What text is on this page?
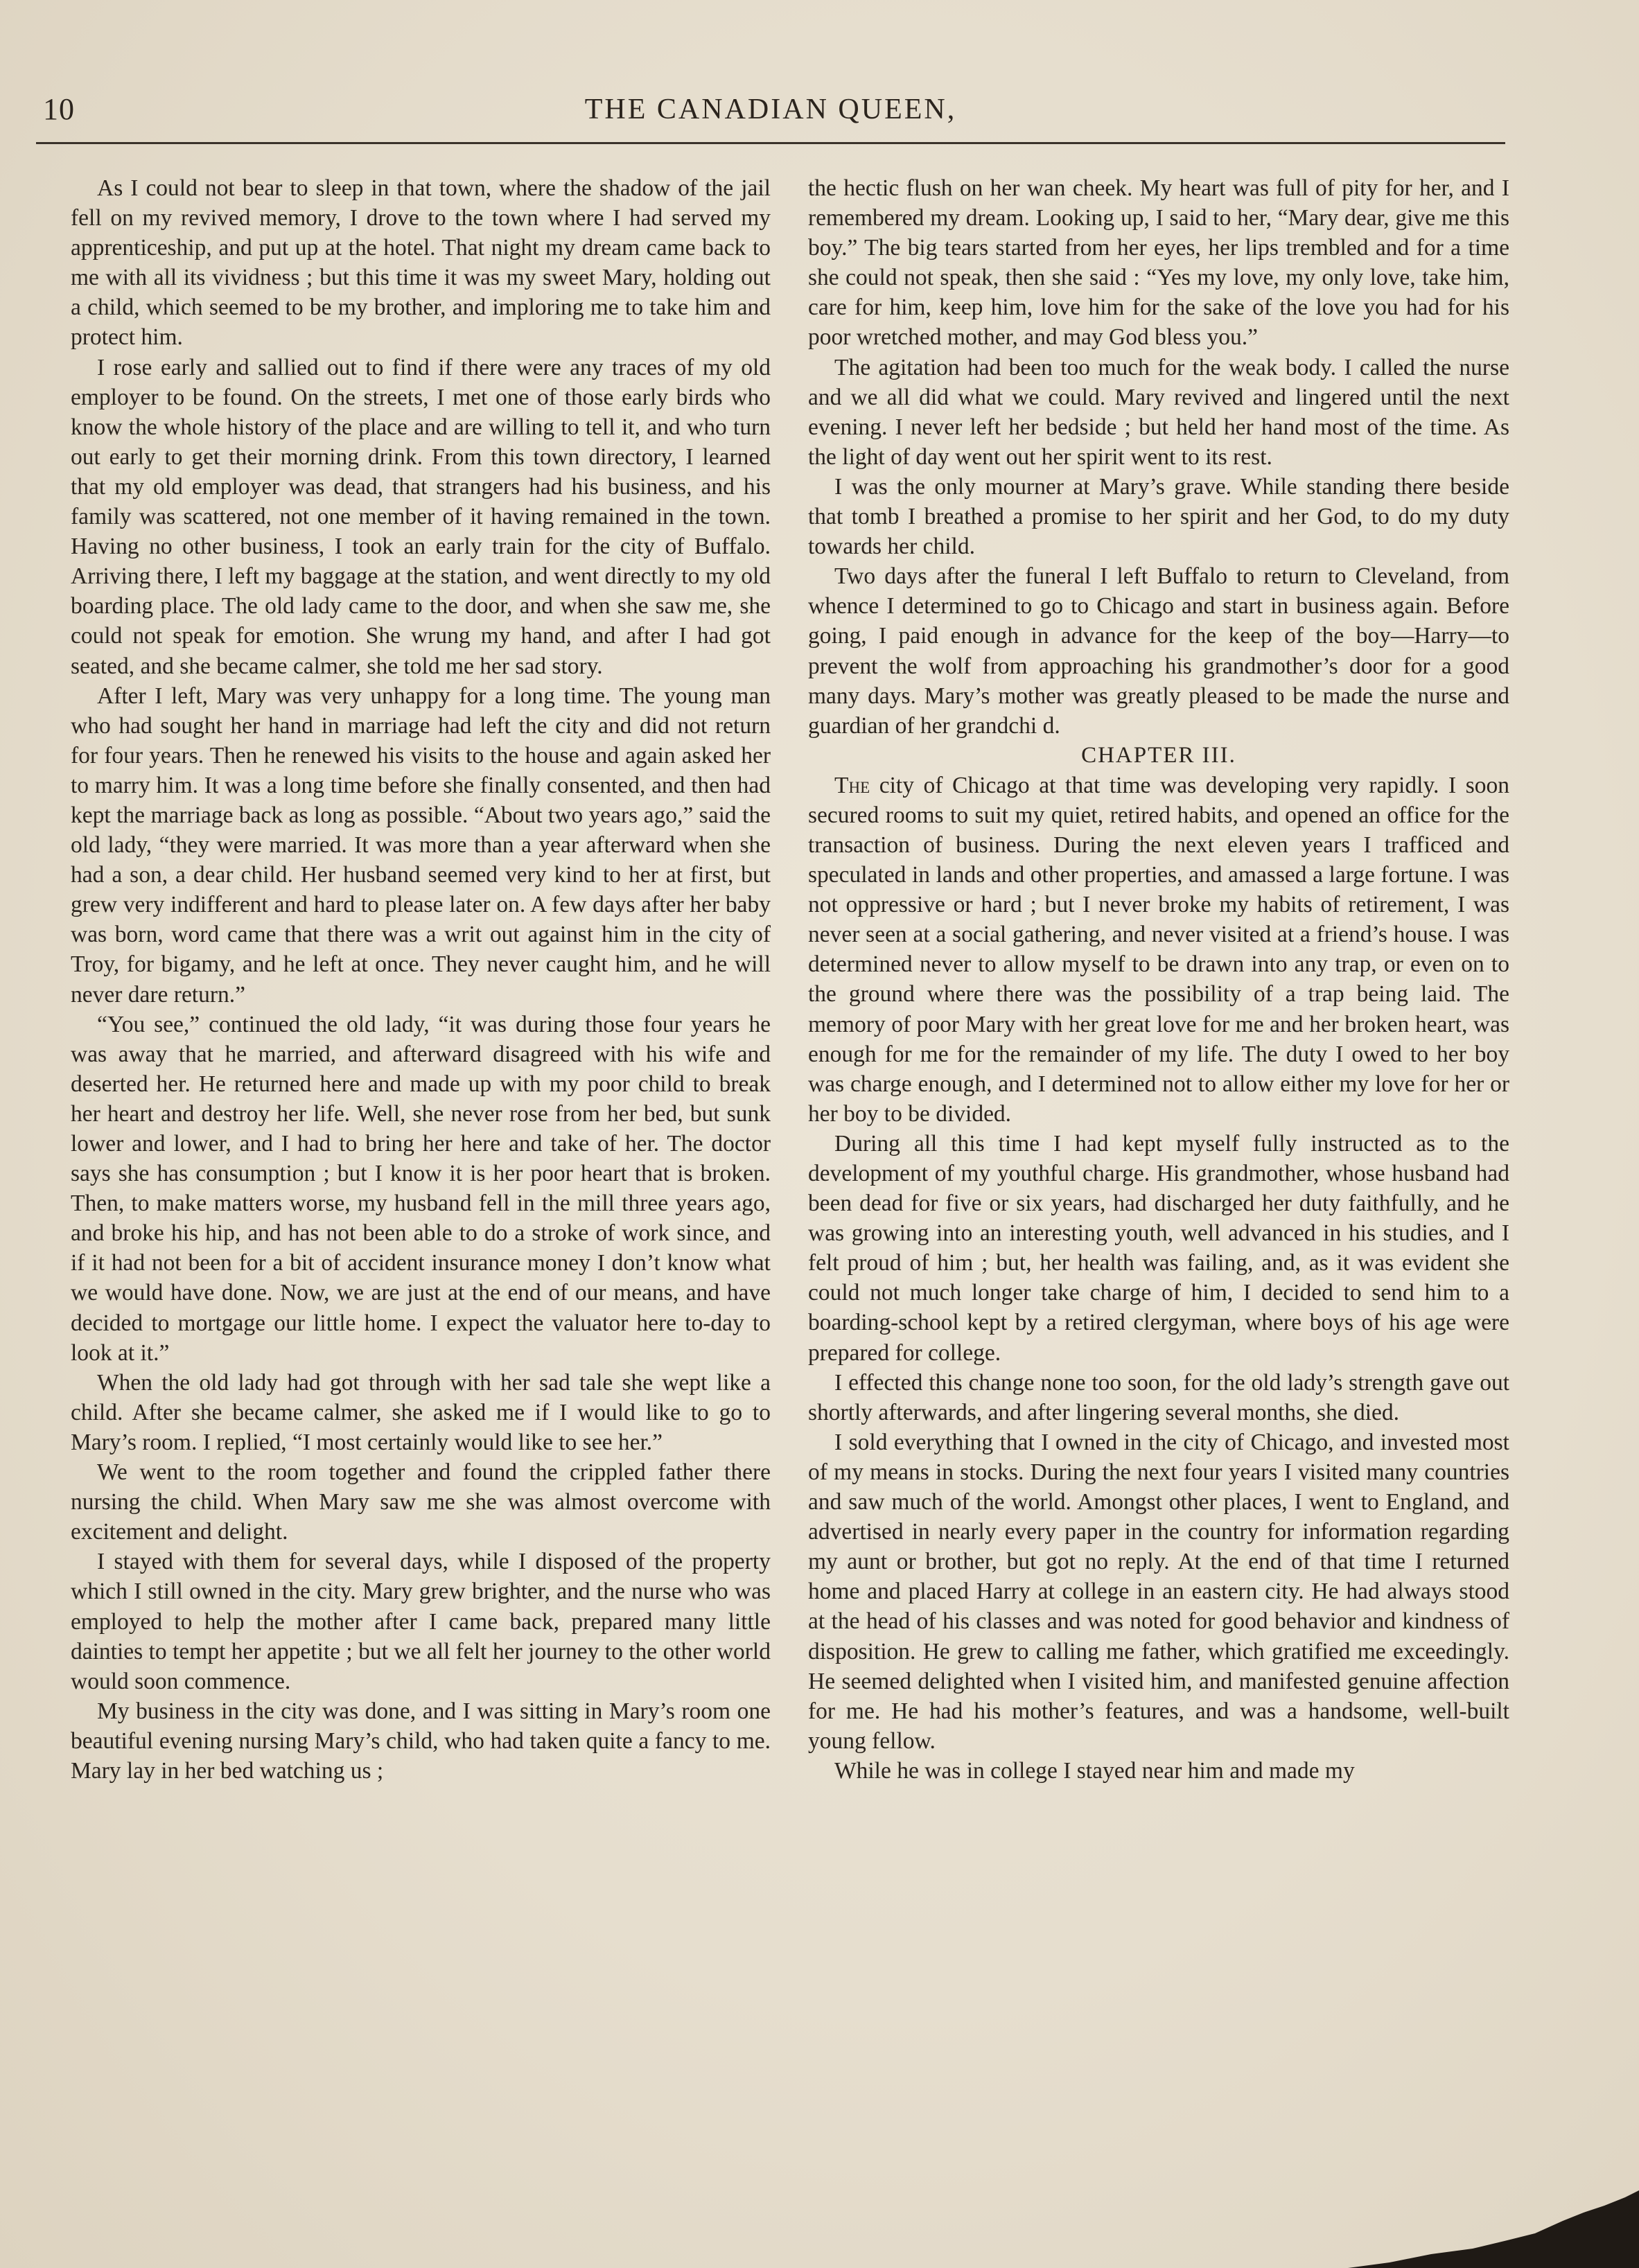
10	THE CANADIAN QUEEN,

As I could not bear to sleep in that town, where the shadow of the jail fell on my revived memory, I drove to the town where I had served my apprenticeship, and put up at the hotel. That night my dream came back to me with all its vividness ; but this time it was my sweet Mary, holding out a child, which seemed to be my brother, and imploring me to take him and protect him.

I rose early and sallied out to find if there were any traces of my old employer to be found. On the streets, I met one of those early birds who know the whole history of the place and are willing to tell it, and who turn out early to get their morning drink. From this town directory, I learned that my old employer was dead, that strangers had his business, and his family was scattered, not one member of it having remained in the town. Having no other business, I took an early train for the city of Buffalo. Arriving there, I left my baggage at the station, and went directly to my old boarding place. The old lady came to the door, and when she saw me, she could not speak for emotion. She wrung my hand, and after I had got seated, and she became calmer, she told me her sad story.

After I left, Mary was very unhappy for a long time. The young man who had sought her hand in marriage had left the city and did not return for four years. Then he renewed his visits to the house and again asked her to marry him. It was a long time before she finally consented, and then had kept the marriage back as long as possible. “About two years ago,” said the old lady, “they were married. It was more than a year afterward when she had a son, a dear child. Her husband seemed very kind to her at first, but grew very indifferent and hard to please later on. A few days after her baby was born, word came that there was a writ out against him in the city of Troy, for bigamy, and he left at once. They never caught him, and he will never dare return.”

“You see,” continued the old lady, “it was during those four years he was away that he married, and afterward disagreed with his wife and deserted her. He returned here and made up with my poor child to break her heart and destroy her life. Well, she never rose from her bed, but sunk lower and lower, and I had to bring her here and take of her. The doctor says she has consumption ; but I know it is her poor heart that is broken. Then, to make matters worse, my husband fell in the mill three years ago, and broke his hip, and has not been able to do a stroke of work since, and if it had not been for a bit of accident insurance money I don’t know what we would have done. Now, we are just at the end of our means, and have decided to mortgage our little home. I expect the valuator here to-day to look at it.”

When the old lady had got through with her sad tale she wept like a child. After she became calmer, she asked me if I would like to go to Mary’s room. I replied, “I most certainly would like to see her.”

We went to the room together and found the crippled father there nursing the child. When Mary saw me she was almost overcome with excitement and delight.

I stayed with them for several days, while I disposed of the property which I still owned in the city. Mary grew brighter, and the nurse who was employed to help the mother after I came back, prepared many little dainties to tempt her appetite ; but we all felt her journey to the other world would soon commence.

My business in the city was done, and I was sitting in Mary’s room one beautiful evening nursing Mary’s child, who had taken quite a fancy to me. Mary lay in her bed watching us ;

the hectic flush on her wan cheek. My heart was full of pity for her, and I remembered my dream. Looking up, I said to her, “Mary dear, give me this boy.” The big tears started from her eyes, her lips trembled and for a time she could not speak, then she said : “Yes my love, my only love, take him, care for him, keep him, love him for the sake of the love you had for his poor wretched mother, and may God bless you.”

The agitation had been too much for the weak body. I called the nurse and we all did what we could. Mary revived and lingered until the next evening. I never left her bedside ; but held her hand most of the time. As the light of day went out her spirit went to its rest.

I was the only mourner at Mary’s grave. While standing there beside that tomb I breathed a promise to her spirit and her God, to do my duty towards her child.

Two days after the funeral I left Buffalo to return to Cleveland, from whence I determined to go to Chicago and start in business again. Before going, I paid enough in advance for the keep of the boy—Harry—to prevent the wolf from approaching his grandmother’s door for a good many days. Mary’s mother was greatly pleased to be made the nurse and guardian of her grandchi d.

CHAPTER III.

The city of Chicago at that time was developing very rapidly. I soon secured rooms to suit my quiet, retired habits, and opened an office for the transaction of business. During the next eleven years I trafficed and speculated in lands and other properties, and amassed a large fortune. I was not oppressive or hard ; but I never broke my habits of retirement, I was never seen at a social gathering, and never visited at a friend’s house. I was determined never to allow myself to be drawn into any trap, or even on to the ground where there was the possibility of a trap being laid. The memory of poor Mary with her great love for me and her broken heart, was enough for me for the remainder of my life. The duty I owed to her boy was charge enough, and I determined not to allow either my love for her or her boy to be divided.

During all this time I had kept myself fully instructed as to the development of my youthful charge. His grandmother, whose husband had been dead for five or six years, had discharged her duty faithfully, and he was growing into an interesting youth, well advanced in his studies, and I felt proud of him ; but, her health was failing, and, as it was evident she could not much longer take charge of him, I decided to send him to a boarding-school kept by a retired clergyman, where boys of his age were prepared for college.

I effected this change none too soon, for the old lady’s strength gave out shortly afterwards, and after lingering several months, she died.

I sold everything that I owned in the city of Chicago, and invested most of my means in stocks. During the next four years I visited many countries and saw much of the world. Amongst other places, I went to England, and advertised in nearly every paper in the country for information regarding my aunt or brother, but got no reply. At the end of that time I returned home and placed Harry at college in an eastern city. He had always stood at the head of his classes and was noted for good behavior and kindness of disposition. He grew to calling me father, which gratified me exceedingly. He seemed delighted when I visited him, and manifested genuine affection for me. He had his mother’s features, and was a handsome, well-built young fellow.

While he was in college I stayed near him and made my
